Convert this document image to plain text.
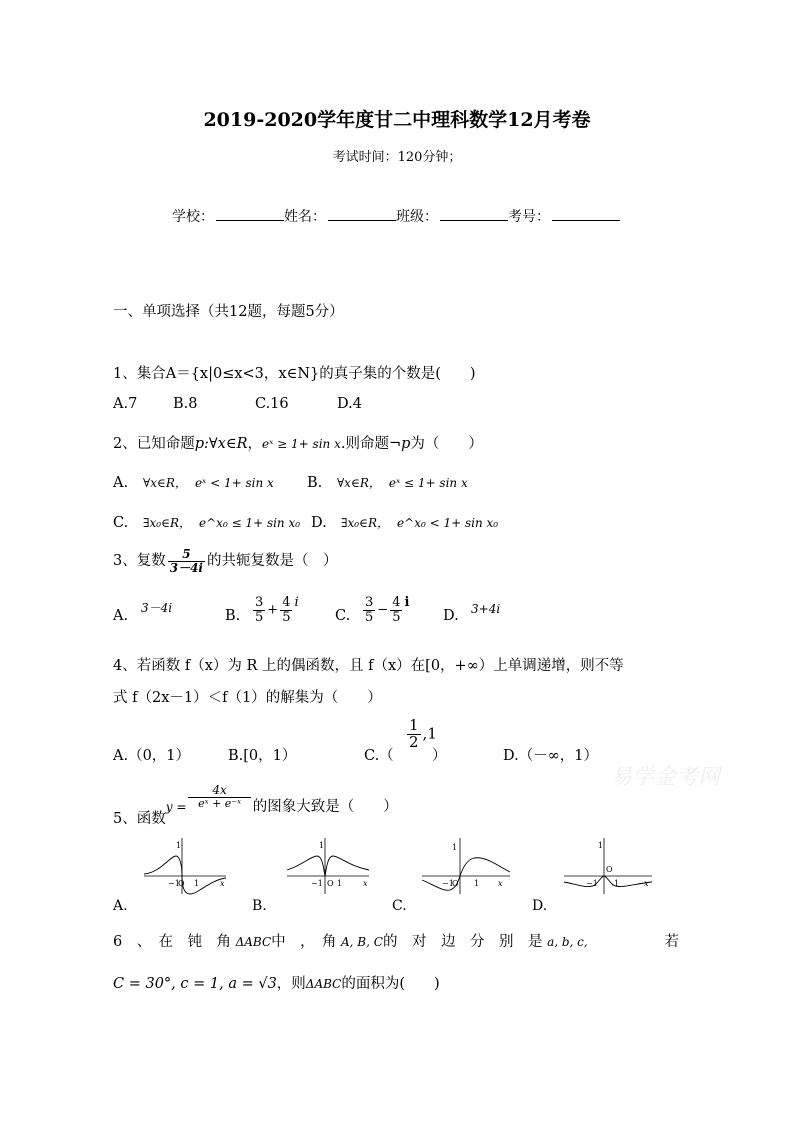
2019-2020学年度甘二中理科数学12月考卷
考试时间：120分钟；
学校：	姓名：	班级：	考号：
一、单项选择（共12题，每题5分）
1、集合A＝{x|0≤x<3，x∈N}的真子集的个数是(　　)
A.7 B.8	C.16	D.4
2、已知命题p:∀x∈R，eˣ ≥ 1+ sin x.则命题¬p为（　　）
A. ∀x∈R， eˣ < 1+ sin x B. ∀x∈R， eˣ ≤ 1+ sin x
C. ∃x₀∈R， e^x₀ ≤ 1+ sin x₀ D. ∃x₀∈R， e^x₀ < 1+ sin x₀
3、复数 $\frac{5}{3-4i}$ 的共轭复数是（　）
A. 3－4i	B. $\frac{3}{5} + \frac{4}{5}$ iC. $\frac{3}{5} - \frac{4}{5}$ iD. $^{3+4i}$
4、若函数 f（x）为 R 上的偶函数，且 f（x）在[0，+∞）上单调递增，则不等
式 f（2x－1）＜f（1）的解集为（　　）
A.（0，1）	B.[0，1）	C.（
$\frac{1}{2} ,1$
）	D.（－∞，1）
易学金考网
5、函数$_{y =} \frac{4x}{\text{eˣ + e⁻ˣ}}$ 的图象大致是（　　）
1
−1
O 1	x
1
−1 O 1	x
1
−1
O 1 x
1
−1
O
1	x
A.	B.	C.	D.
6　、　在　钝　角 ΔABC中　，　角 A, B, C的　对　边　分　别　是 a, b, c,	若
C = 30°, c = 1, a = √3，则ΔABC的面积为(　　)
